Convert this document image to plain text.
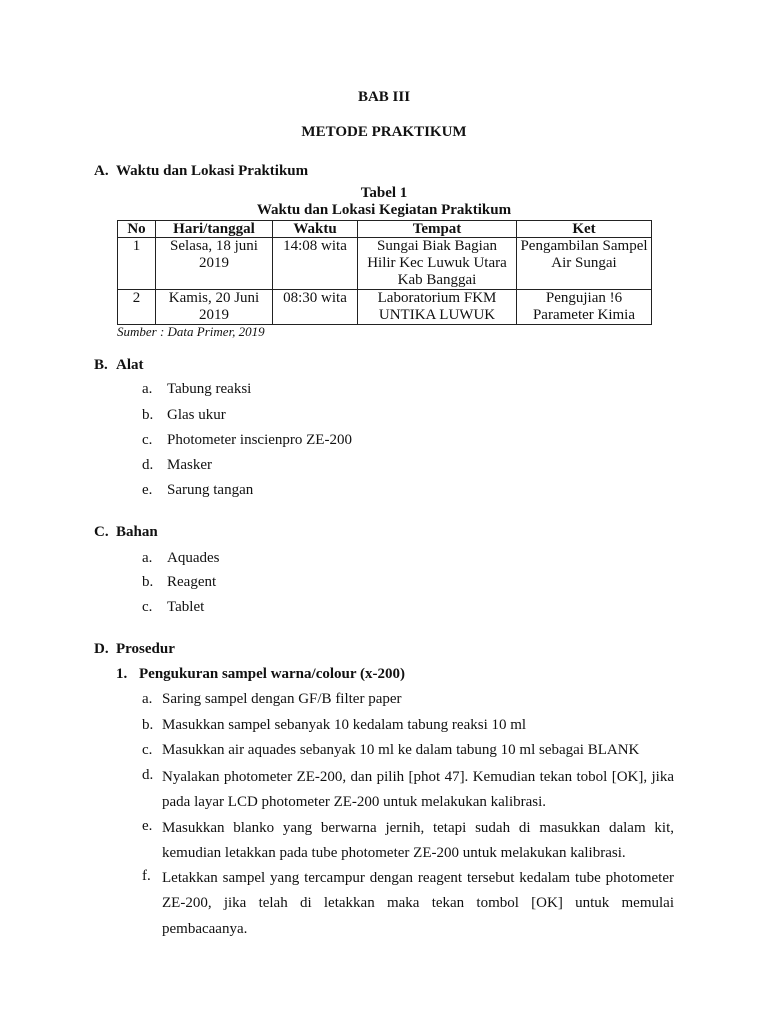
BAB III
METODE PRAKTIKUM
A. Waktu dan Lokasi Praktikum
Tabel 1
Waktu dan Lokasi Kegiatan Praktikum
No	Hari/tanggal	Waktu	Tempat	Ket
1	Selasa, 18 juni 2019	14:08 wita	Sungai Biak Bagian Hilir Kec Luwuk Utara Kab Banggai	Pengambilan Sampel Air Sungai
2	Kamis, 20 Juni 2019	08:30 wita	Laboratorium FKM UNTIKA LUWUK	Pengujian !6 Parameter Kimia
Sumber : Data Primer, 2019
B. Alat
C. Bahan
D. Prosedur
1. Pengukuran sampel warna/colour (x-200)
a. Tabung reaksi
b. Glas ukur
c. Photometer inscienpro ZE-200
d. Masker
e. Sarung tangan
a. Aquades
b. Reagent
c. Tablet
a. Saring sampel dengan GF/B filter paper
b. Masukkan sampel sebanyak 10 kedalam tabung reaksi 10 ml
c. Masukkan air aquades sebanyak 10 ml ke dalam tabung 10 ml sebagai BLANK
d. Nyalakan photometer ZE-200, dan pilih [phot 47]. Kemudian tekan tobol [OK], jika pada layar LCD photometer ZE-200 untuk melakukan kalibrasi.
e. Masukkan blanko yang berwarna jernih, tetapi sudah di masukkan dalam kit, kemudian letakkan pada tube photometer ZE-200 untuk melakukan kalibrasi.
f. Letakkan sampel yang tercampur dengan reagent tersebut kedalam tube photometer ZE-200, jika telah di letakkan maka tekan tombol [OK] untuk memulai pembacaanya.
